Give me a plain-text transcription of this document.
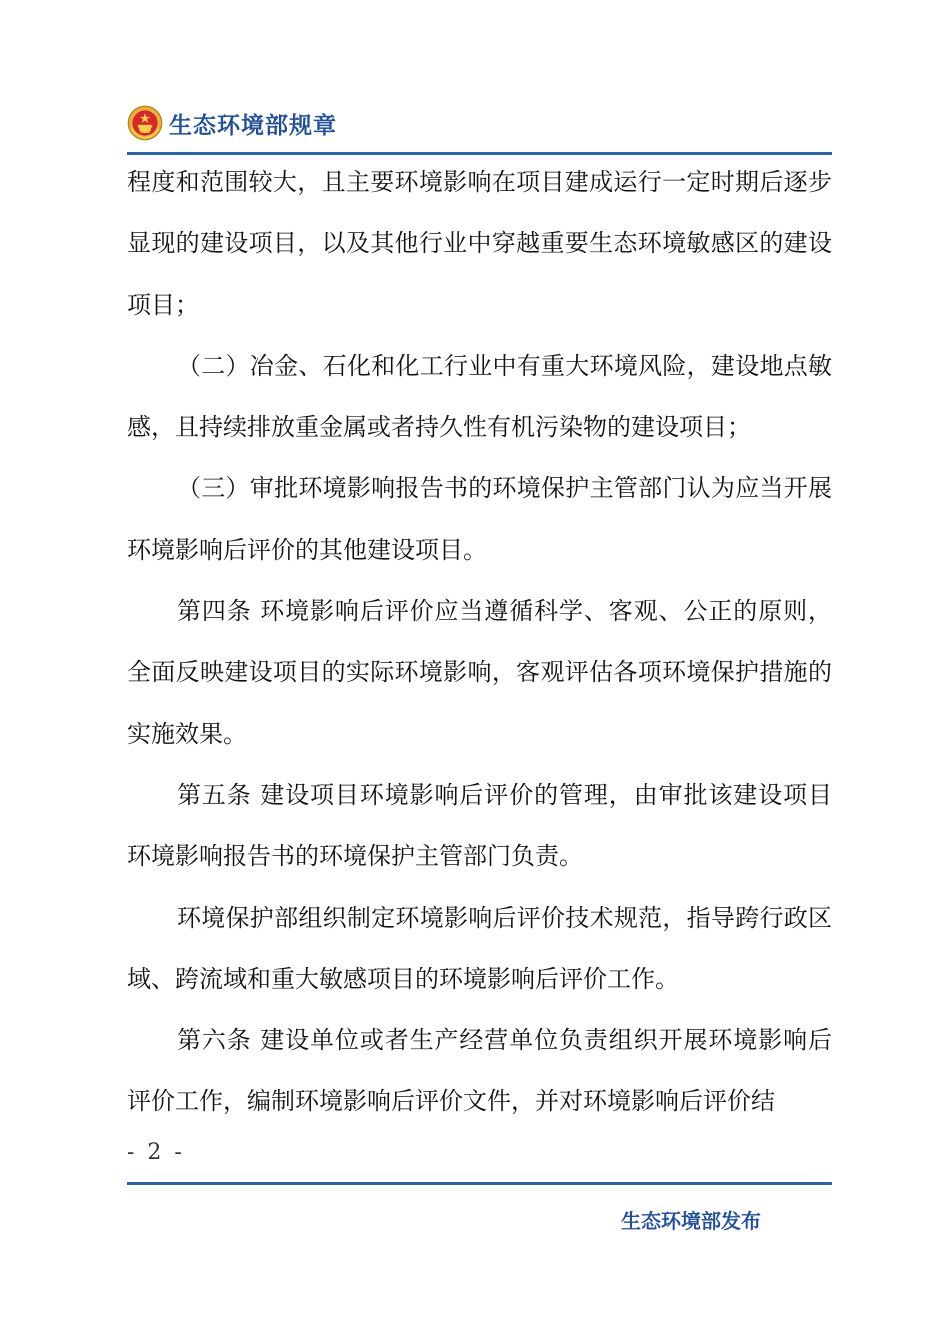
生态环境部规章

程度和范围较大，且主要环境影响在项目建成运行一定时期后逐步显现的建设项目，以及其他行业中穿越重要生态环境敏感区的建设项目；

（二）冶金、石化和化工行业中有重大环境风险，建设地点敏感，且持续排放重金属或者持久性有机污染物的建设项目；

（三）审批环境影响报告书的环境保护主管部门认为应当开展环境影响后评价的其他建设项目。

第四条 环境影响后评价应当遵循科学、客观、公正的原则，全面反映建设项目的实际环境影响，客观评估各项环境保护措施的实施效果。

第五条 建设项目环境影响后评价的管理，由审批该建设项目环境影响报告书的环境保护主管部门负责。

环境保护部组织制定环境影响后评价技术规范，指导跨行政区域、跨流域和重大敏感项目的环境影响后评价工作。

第六条 建设单位或者生产经营单位负责组织开展环境影响后评价工作，编制环境影响后评价文件，并对环境影响后评价结

- 2 -
生态环境部发布
